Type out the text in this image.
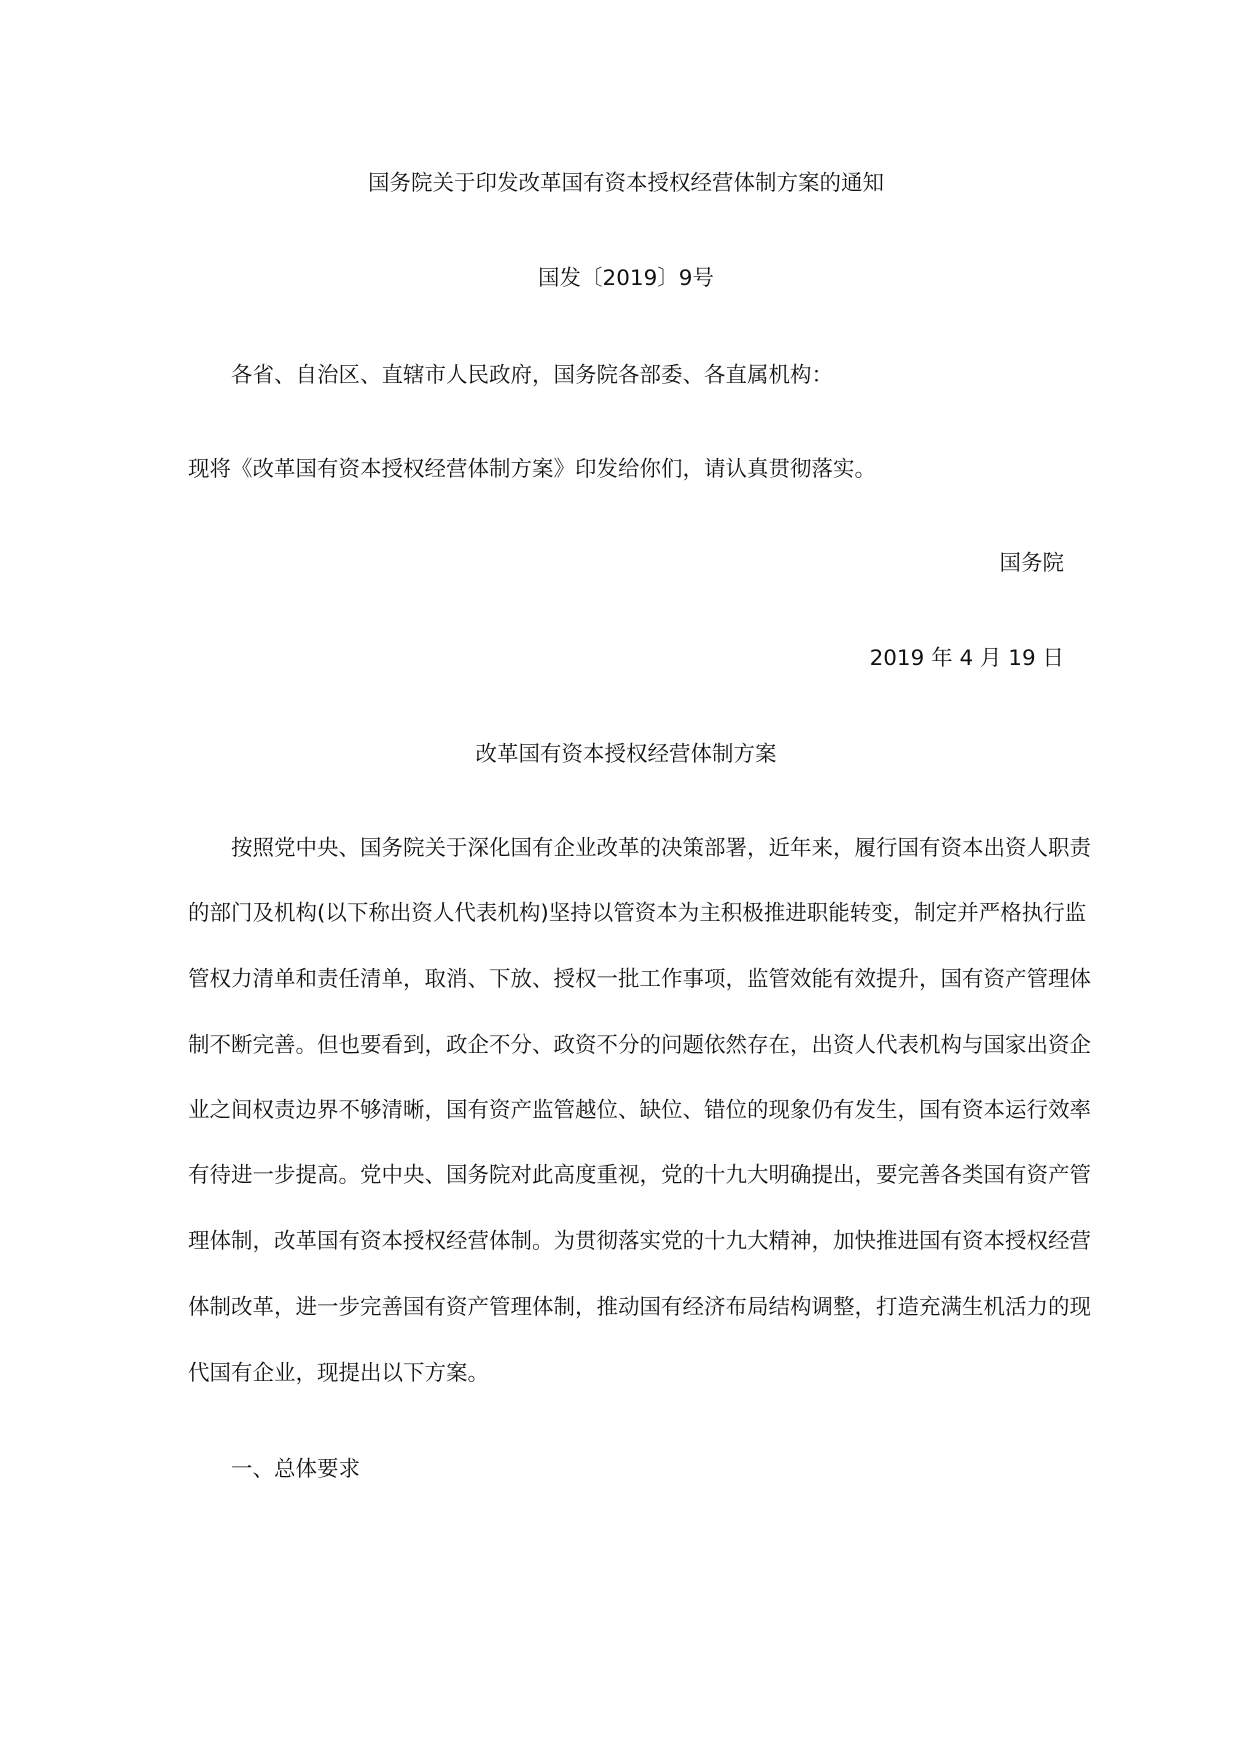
国务院关于印发改革国有资本授权经营体制方案的通知
国发〔2019〕9号
各省、自治区、直辖市人民政府，国务院各部委、各直属机构：
现将《改革国有资本授权经营体制方案》印发给你们，请认真贯彻落实。
国务院
2019 年 4 月 19 日
改革国有资本授权经营体制方案
按照党中央、国务院关于深化国有企业改革的决策部署，近年来，履行国有资本出资人职责
的部门及机构(以下称出资人代表机构)坚持以管资本为主积极推进职能转变，制定并严格执行监
管权力清单和责任清单，取消、下放、授权一批工作事项，监管效能有效提升，国有资产管理体
制不断完善。但也要看到，政企不分、政资不分的问题依然存在，出资人代表机构与国家出资企
业之间权责边界不够清晰，国有资产监管越位、缺位、错位的现象仍有发生，国有资本运行效率
有待进一步提高。党中央、国务院对此高度重视，党的十九大明确提出，要完善各类国有资产管
理体制，改革国有资本授权经营体制。为贯彻落实党的十九大精神，加快推进国有资本授权经营
体制改革，进一步完善国有资产管理体制，推动国有经济布局结构调整，打造充满生机活力的现
代国有企业，现提出以下方案。
一、总体要求
